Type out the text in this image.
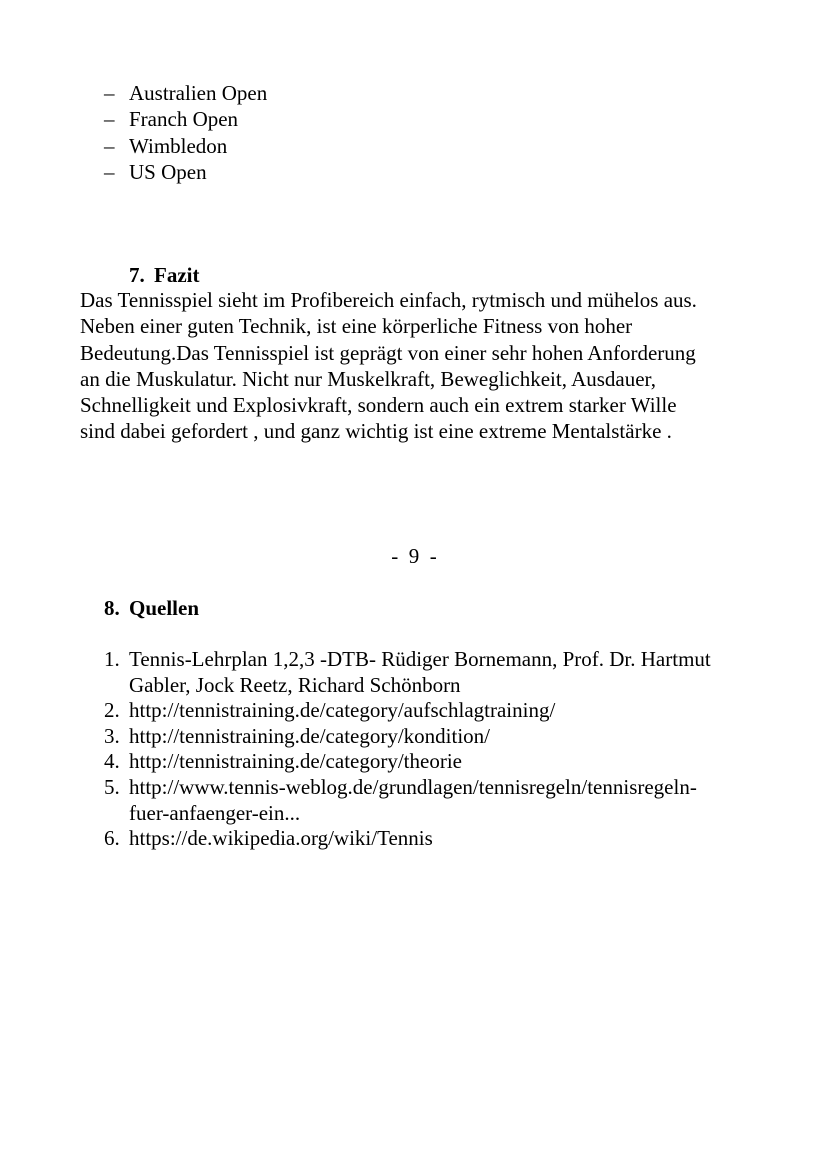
– Australien Open
– Franch Open
– Wimbledon
– US Open
7. Fazit
Das Tennisspiel sieht im Profibereich einfach, rytmisch und mühelos aus.
Neben einer guten Technik, ist eine körperliche Fitness von hoher
Bedeutung.Das Tennisspiel ist geprägt von einer sehr hohen Anforderung
an die Muskulatur. Nicht nur Muskelkraft, Beweglichkeit, Ausdauer,
Schnelligkeit und Explosivkraft, sondern auch ein extrem starker Wille
sind dabei gefordert , und ganz wichtig ist eine extreme Mentalstärke .
-  9  -
8. Quellen
1. Tennis-Lehrplan 1,2,3 -DTB- Rüdiger Bornemann, Prof. Dr. Hartmut
Gabler, Jock Reetz, Richard Schönborn
2. http://tennistraining.de/category/aufschlagtraining/
3. http://tennistraining.de/category/kondition/
4. http://tennistraining.de/category/theorie
5. http://www.tennis-weblog.de/grundlagen/tennisregeln/tennisregeln-
fuer-anfaenger-ein...
6. https://de.wikipedia.org/wiki/Tennis
